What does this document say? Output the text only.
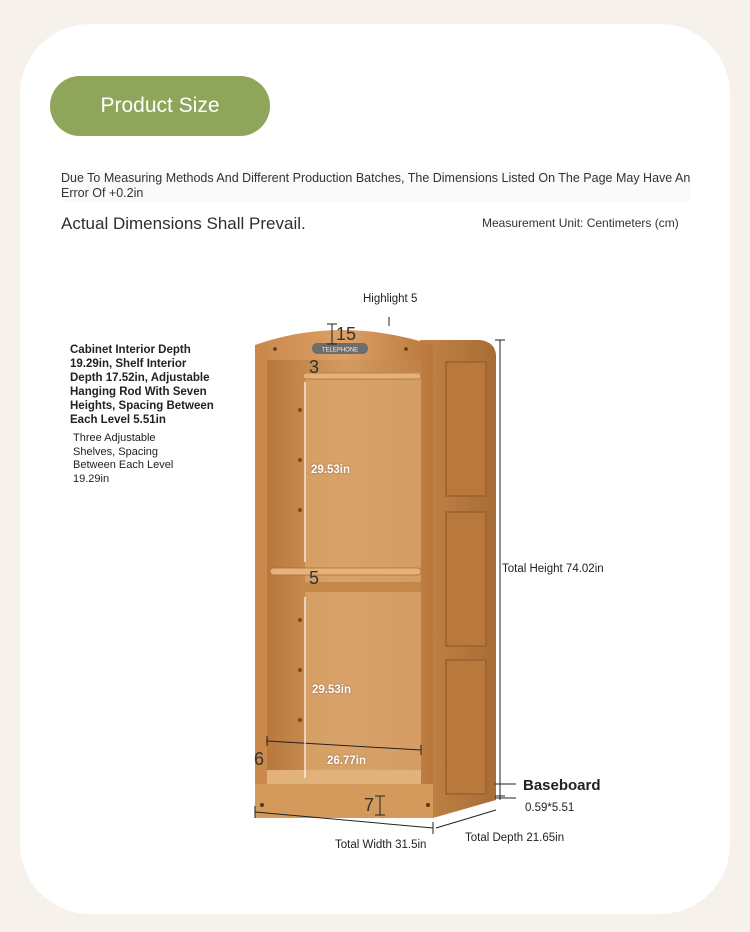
Product Size
Due To Measuring Methods And Different Production Batches, The Dimensions Listed On The Page May Have An Error Of +0.2in
Actual Dimensions Shall Prevail.	Measurement Unit: Centimeters (cm)
TELEPHONE
Highlight 5
Cabinet Interior Depth 19.29in, Shelf Interior Depth 17.52in, Adjustable Hanging Rod With Seven Heights, Spacing Between Each Level 5.51in
Three Adjustable Shelves, Spacing Between Each Level 19.29in
15
3
5
6
7
29.53in
29.53in
26.77in
Total Height 74.02in
Baseboard
0.59*5.51
Total Width 31.5in
Total Depth 21.65in
